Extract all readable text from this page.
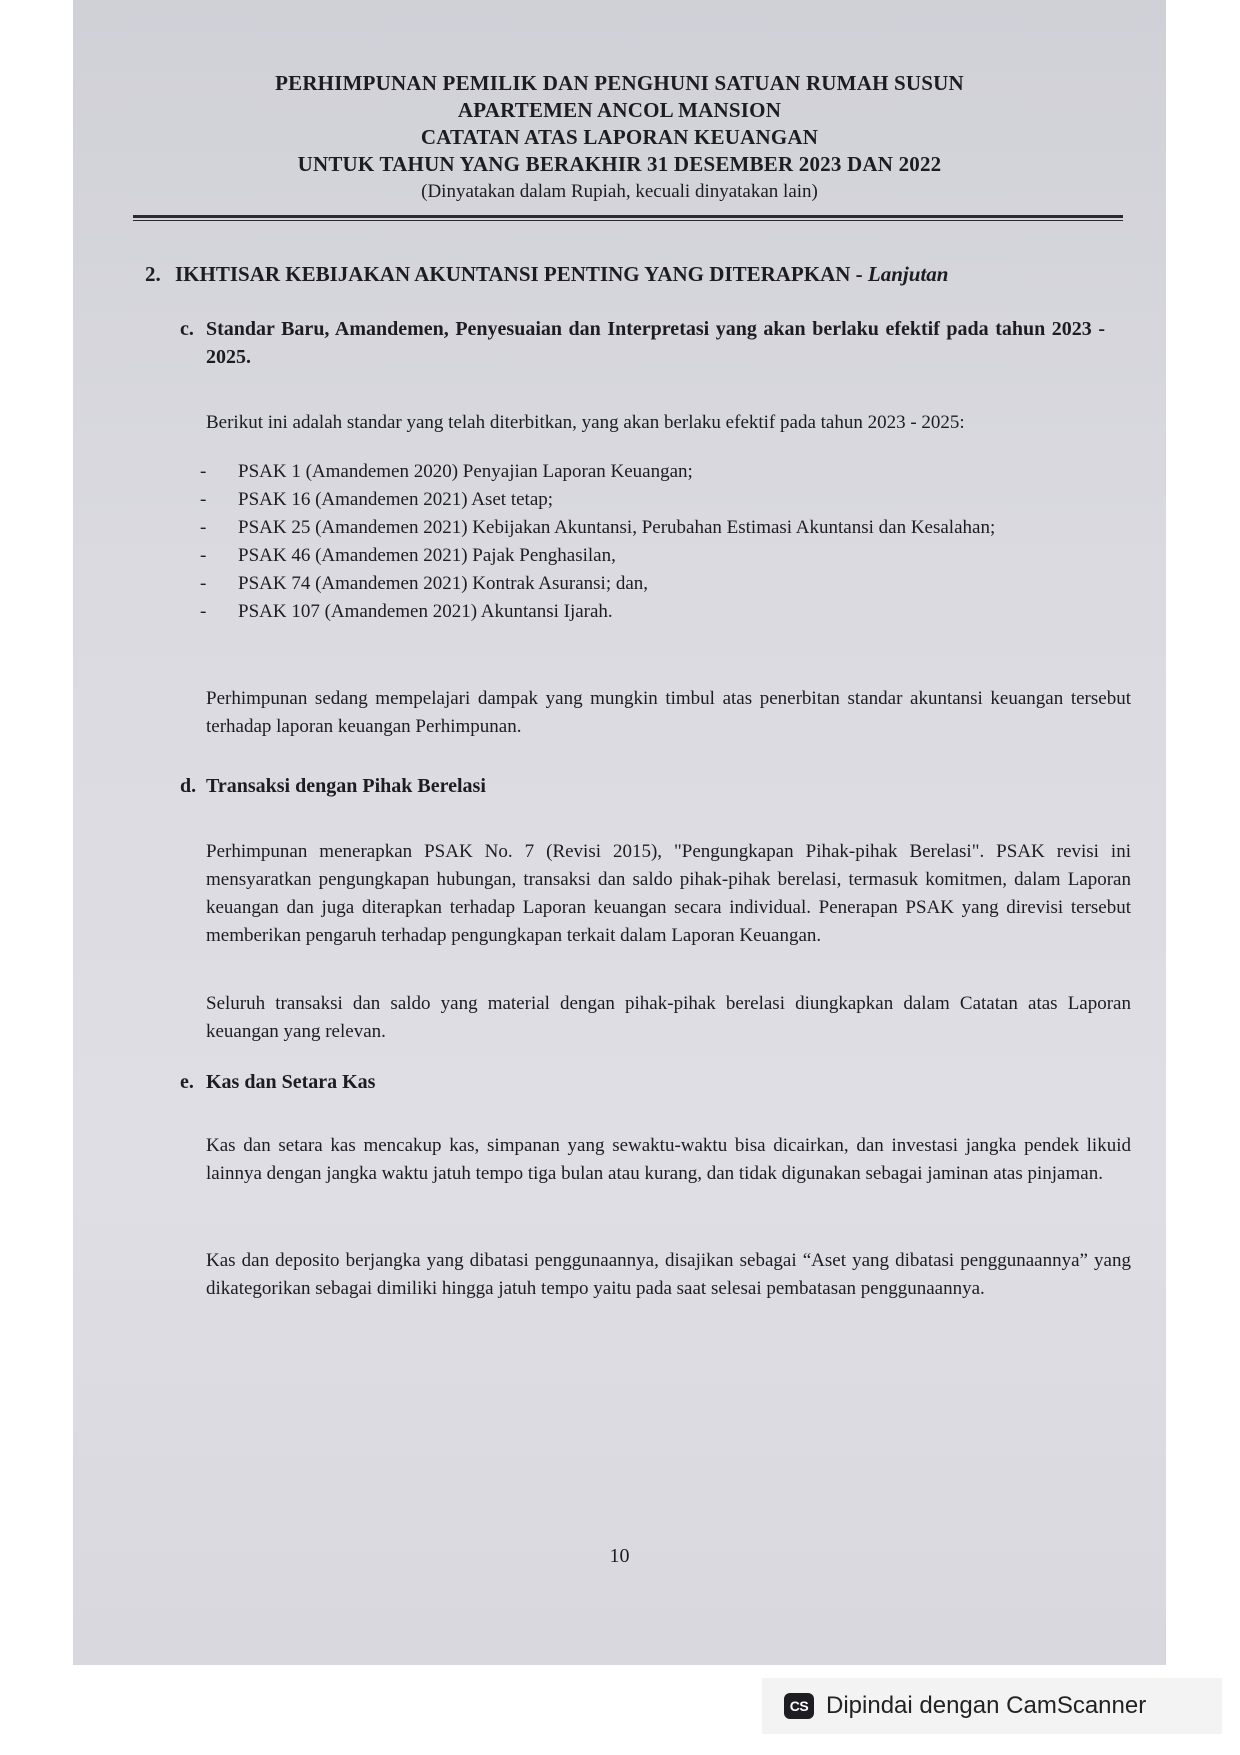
PERHIMPUNAN PEMILIK DAN PENGHUNI SATUAN RUMAH SUSUN
APARTEMEN ANCOL MANSION
CATATAN ATAS LAPORAN KEUANGAN
UNTUK TAHUN YANG BERAKHIR 31 DESEMBER 2023 DAN 2022
(Dinyatakan dalam Rupiah, kecuali dinyatakan lain)
2. IKHTISAR KEBIJAKAN AKUNTANSI PENTING YANG DITERAPKAN - Lanjutan
c. Standar Baru, Amandemen, Penyesuaian dan Interpretasi yang akan berlaku efektif pada tahun 2023 - 2025.
Berikut ini adalah standar yang telah diterbitkan, yang akan berlaku efektif pada tahun 2023 - 2025:
- PSAK 1 (Amandemen 2020) Penyajian Laporan Keuangan;
- PSAK 16 (Amandemen 2021) Aset tetap;
- PSAK 25 (Amandemen 2021) Kebijakan Akuntansi, Perubahan Estimasi Akuntansi dan Kesalahan;
- PSAK 46 (Amandemen 2021) Pajak Penghasilan,
- PSAK 74 (Amandemen 2021) Kontrak Asuransi; dan,
- PSAK 107 (Amandemen 2021) Akuntansi Ijarah.
Perhimpunan sedang mempelajari dampak yang mungkin timbul atas penerbitan standar akuntansi keuangan tersebut terhadap laporan keuangan Perhimpunan.
d. Transaksi dengan Pihak Berelasi
Perhimpunan menerapkan PSAK No. 7 (Revisi 2015), "Pengungkapan Pihak-pihak Berelasi". PSAK revisi ini mensyaratkan pengungkapan hubungan, transaksi dan saldo pihak-pihak berelasi, termasuk komitmen, dalam Laporan keuangan dan juga diterapkan terhadap Laporan keuangan secara individual. Penerapan PSAK yang direvisi tersebut memberikan pengaruh terhadap pengungkapan terkait dalam Laporan Keuangan.
Seluruh transaksi dan saldo yang material dengan pihak-pihak berelasi diungkapkan dalam Catatan atas Laporan keuangan yang relevan.
e. Kas dan Setara Kas
Kas dan setara kas mencakup kas, simpanan yang sewaktu-waktu bisa dicairkan, dan investasi jangka pendek likuid lainnya dengan jangka waktu jatuh tempo tiga bulan atau kurang, dan tidak digunakan sebagai jaminan atas pinjaman.
Kas dan deposito berjangka yang dibatasi penggunaannya, disajikan sebagai “Aset yang dibatasi penggunaannya” yang dikategorikan sebagai dimiliki hingga jatuh tempo yaitu pada saat selesai pembatasan penggunaannya.
10
CS Dipindai dengan CamScanner
